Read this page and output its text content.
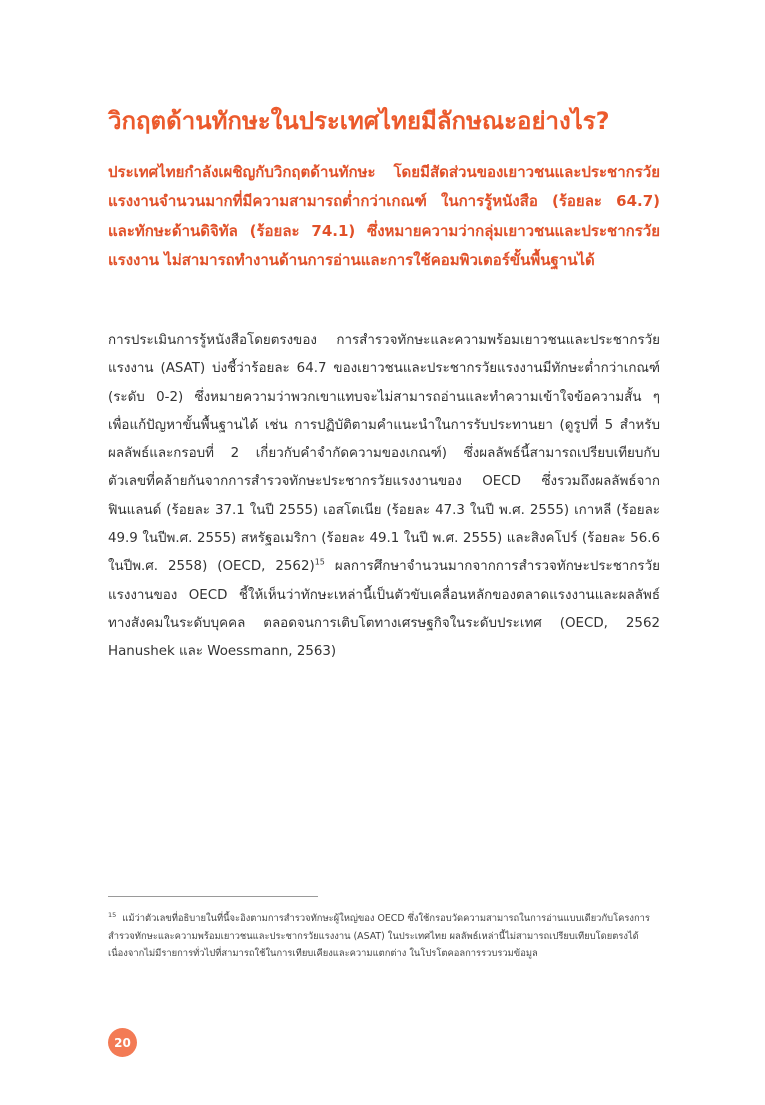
วิกฤตด้านทักษะในประเทศไทยมีลักษณะอย่างไร?

ประเทศไทยกำลังเผชิญกับวิกฤตด้านทักษะ โดยมีสัดส่วนของเยาวชนและประชากรวัยแรงงานจำนวนมากที่มีความสามารถต่ำกว่าเกณฑ์ ในการรู้หนังสือ (ร้อยละ 64.7) และทักษะด้านดิจิทัล (ร้อยละ 74.1) ซึ่งหมายความว่ากลุ่มเยาวชนและประชากรวัยแรงงาน ไม่สามารถทำงานด้านการอ่านและการใช้คอมพิวเตอร์ขั้นพื้นฐานได้

การประเมินการรู้หนังสือโดยตรงของ การสำรวจทักษะและความพร้อมเยาวชนและประชากรวัยแรงงาน (ASAT) บ่งชี้ว่าร้อยละ 64.7 ของเยาวชนและประชากรวัยแรงงานมีทักษะต่ำกว่าเกณฑ์ (ระดับ 0-2) ซึ่งหมายความว่าพวกเขาแทบจะไม่สามารถอ่านและทำความเข้าใจข้อความสั้น ๆ เพื่อแก้ปัญหาขั้นพื้นฐานได้ เช่น การปฏิบัติตามคำแนะนำในการรับประทานยา (ดูรูปที่ 5 สำหรับผลลัพธ์และกรอบที่ 2 เกี่ยวกับคำจำกัดความของเกณฑ์) ซึ่งผลลัพธ์นี้สามารถเปรียบเทียบกับตัวเลขที่คล้ายกันจากการสำรวจทักษะประชากรวัยแรงงานของ OECD ซึ่งรวมถึงผลลัพธ์จากฟินแลนด์ (ร้อยละ 37.1 ในปี 2555) เอสโตเนีย (ร้อยละ 47.3 ในปี พ.ศ. 2555) เกาหลี (ร้อยละ 49.9 ในปีพ.ศ. 2555) สหรัฐอเมริกา (ร้อยละ 49.1 ในปี พ.ศ. 2555) และสิงคโปร์ (ร้อยละ 56.6 ในปีพ.ศ. 2558) (OECD, 2562)$^{15}$ ผลการศึกษาจำนวนมากจากการสำรวจทักษะประชากรวัยแรงงานของ OECD ชี้ให้เห็นว่าทักษะเหล่านี้เป็นตัวขับเคลื่อนหลักของตลาดแรงงานและผลลัพธ์ทางสังคมในระดับบุคคล ตลอดจนการเติบโตทางเศรษฐกิจในระดับประเทศ (OECD, 2562 Hanushek และ Woessmann, 2563)

$^{15}$ แม้ว่าตัวเลขที่อธิบายในที่นี้จะอิงตามการสำรวจทักษะผู้ใหญ่ของ OECD ซึ่งใช้กรอบวัดความสามารถในการอ่านแบบเดียวกับโครงการสำรวจทักษะและความพร้อมเยาวชนและประชากรวัยแรงงาน (ASAT) ในประเทศไทย ผลลัพธ์เหล่านี้ไม่สามารถเปรียบเทียบโดยตรงได้เนื่องจากไม่มีรายการทั่วไปที่สามารถใช้ในการเทียบเคียงและความแตกต่าง ในโปรโตคอลการรวบรวมข้อมูล

20
